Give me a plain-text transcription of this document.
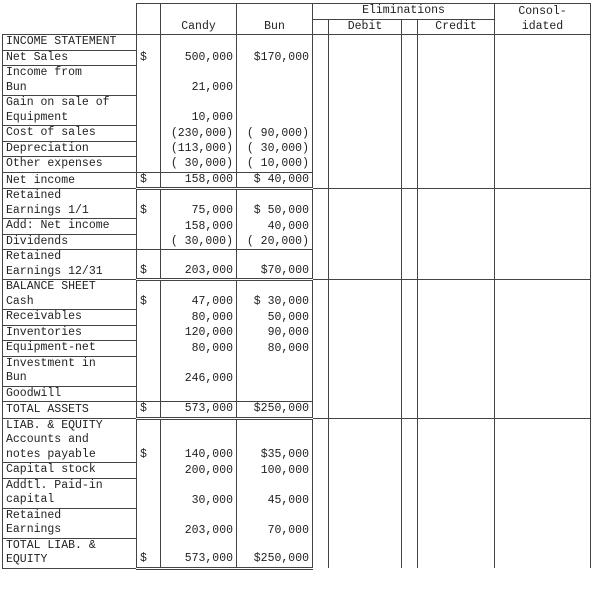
				Eliminations				Consol-
		Candy	Bun		Debit		Credit	idated

INCOME STATEMENT								

Net Sales	$	500,000	$170,000					

Income from
Bun		21,000						

Gain on sale of
Equipment		10,000						

Cost of sales		(230,000)	( 90,000)					

Depreciation		(113,000)	( 30,000)					

Other expenses		( 30,000)	( 10,000)					

Net income	$	158,000	$ 40,000					

Retained
Earnings 1/1	$	75,000	$ 50,000					

Add: Net income		158,000	40,000					

Dividends		( 30,000)	( 20,000)					

Retained
Earnings 12/31	$	203,000	$70,000					

BALANCE SHEET
Cash	$	47,000	$ 30,000					

Receivables		80,000	50,000					

Inventories		120,000	90,000					

Equipment-net		80,000	80,000					

Investment in
Bun		246,000						

Goodwill								

TOTAL ASSETS	$	573,000	$250,000					

LIAB. & EQUITY
Accounts and
notes payable	$	140,000	$35,000					

Capital stock		200,000	100,000					

Addtl. Paid-in
capital		30,000	45,000					

Retained
Earnings		203,000	70,000					

TOTAL LIAB. &
EQUITY	$	573,000	$250,000					
